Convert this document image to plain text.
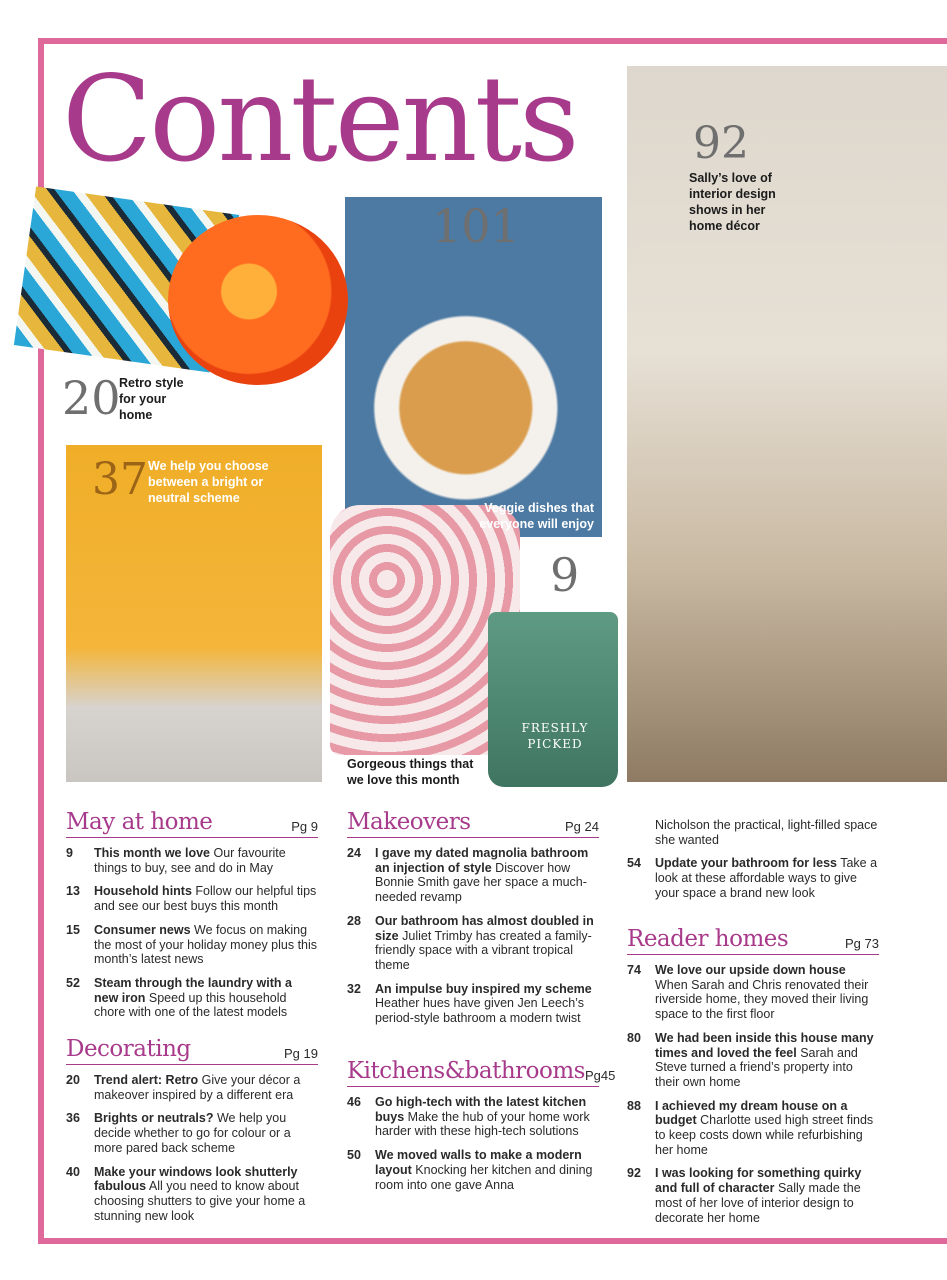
Contents
FRESHLY PICKED
92
Sally’s love of interior design shows in her home décor
101
Veggie dishes that everyone will enjoy
20
Retro style for your home
37 We help you choose between a bright or neutral scheme
9
Gorgeous things that we love this month
May at home	Pg 9
9 This month we love Our favourite things to buy, see and do in May
13 Household hints Follow our helpful tips and see our best buys this month
15 Consumer news We focus on making the most of your holiday money plus this month’s latest news
52 Steam through the laundry with a new iron Speed up this household chore with one of the latest models
Decorating	Pg 19
20 Trend alert: Retro Give your décor a makeover inspired by a different era
36 Brights or neutrals? We help you decide whether to go for colour or a more pared back scheme
40 Make your windows look shutterly fabulous All you need to know about choosing shutters to give your home a stunning new look
Makeovers	Pg 24
24 I gave my dated magnolia bathroom an injection of style Discover how Bonnie Smith gave her space a much-needed revamp
28 Our bathroom has almost doubled in size Juliet Trimby has created a family-friendly space with a vibrant tropical theme
32 An impulse buy inspired my scheme Heather hues have given Jen Leech’s period-style bathroom a modern twist
Kitchens&bathrooms Pg45
46 Go high-tech with the latest kitchen buys Make the hub of your home work harder with these high-tech solutions
50 We moved walls to make a modern layout Knocking her kitchen and dining room into one gave Anna
Nicholson the practical, light-filled space she wanted
54 Update your bathroom for less Take a look at these affordable ways to give your space a brand new look
Reader homes	Pg 73
74 We love our upside down house When Sarah and Chris renovated their riverside home, they moved their living space to the first floor
80 We had been inside this house many times and loved the feel Sarah and Steve turned a friend’s property into their own home
88 I achieved my dream house on a budget Charlotte used high street finds to keep costs down while refurbishing her home
92 I was looking for something quirky and full of character Sally made the most of her love of interior design to decorate her home
